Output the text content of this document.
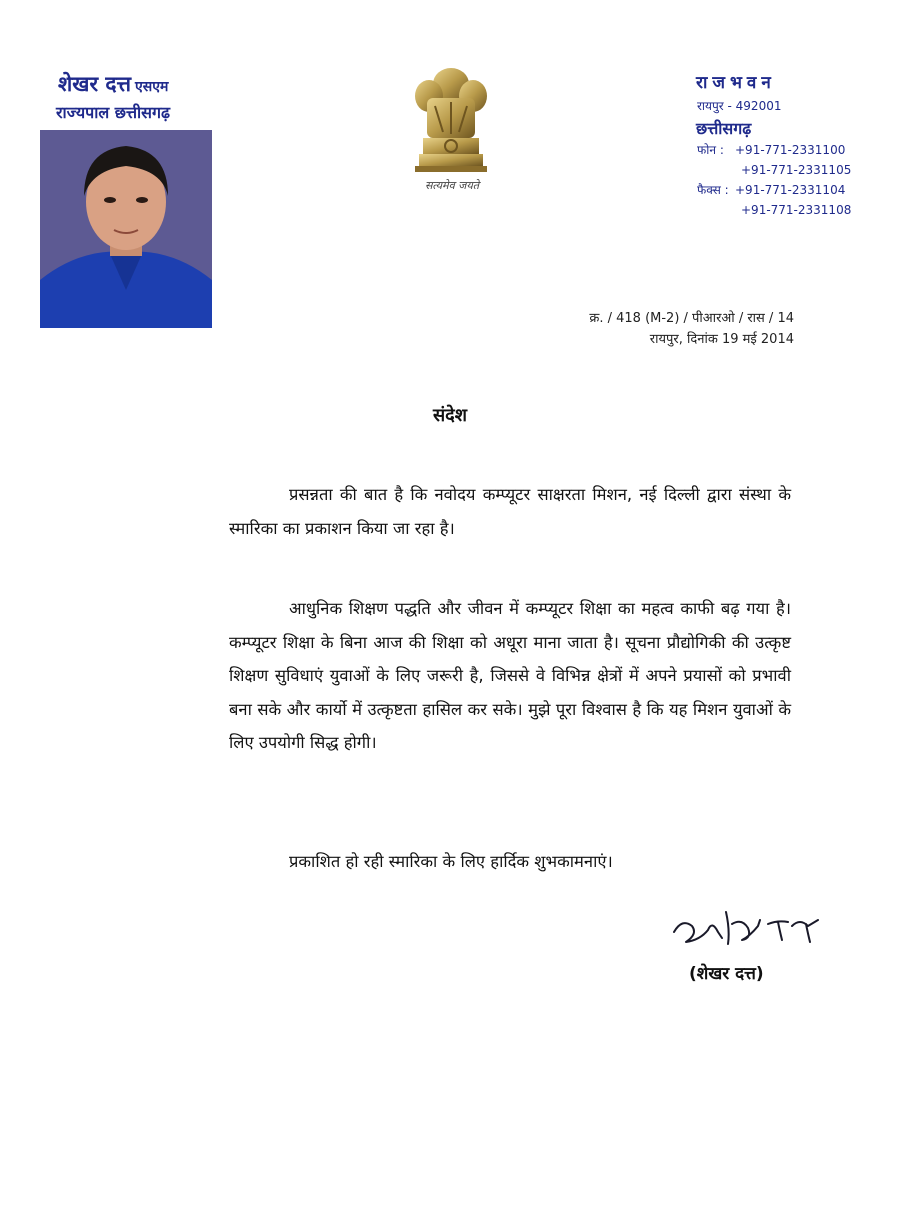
शेखर दत्त एसएम
राज्यपाल छत्तीसगढ़
सत्यमेव जयते
राजभवन
रायपुर - 492001
छत्तीसगढ़
फोन : +91-771-2331100
+91-771-2331105
फैक्स : +91-771-2331104
+91-771-2331108
क्र. / 418 (M-2) / पीआरओ / रास / 14
रायपुर, दिनांक 19 मई 2014
संदेश
प्रसन्नता की बात है कि नवोदय कम्प्यूटर साक्षरता मिशन, नई दिल्ली द्वारा संस्था के स्मारिका का प्रकाशन किया जा रहा है।
आधुनिक शिक्षण पद्धति और जीवन में कम्प्यूटर शिक्षा का महत्व काफी बढ़ गया है। कम्प्यूटर शिक्षा के बिना आज की शिक्षा को अधूरा माना जाता है। सूचना प्रौद्योगिकी की उत्कृष्ट शिक्षण सुविधाएं युवाओं के लिए जरूरी है, जिससे वे विभिन्न क्षेत्रों में अपने प्रयासों को प्रभावी बना सके और कार्यो में उत्कृष्टता हासिल कर सके। मुझे पूरा विश्वास है कि यह मिशन युवाओं के लिए उपयोगी सिद्ध होगी।
प्रकाशित हो रही स्मारिका के लिए हार्दिक शुभकामनाएं।
(शेखर दत्त)
